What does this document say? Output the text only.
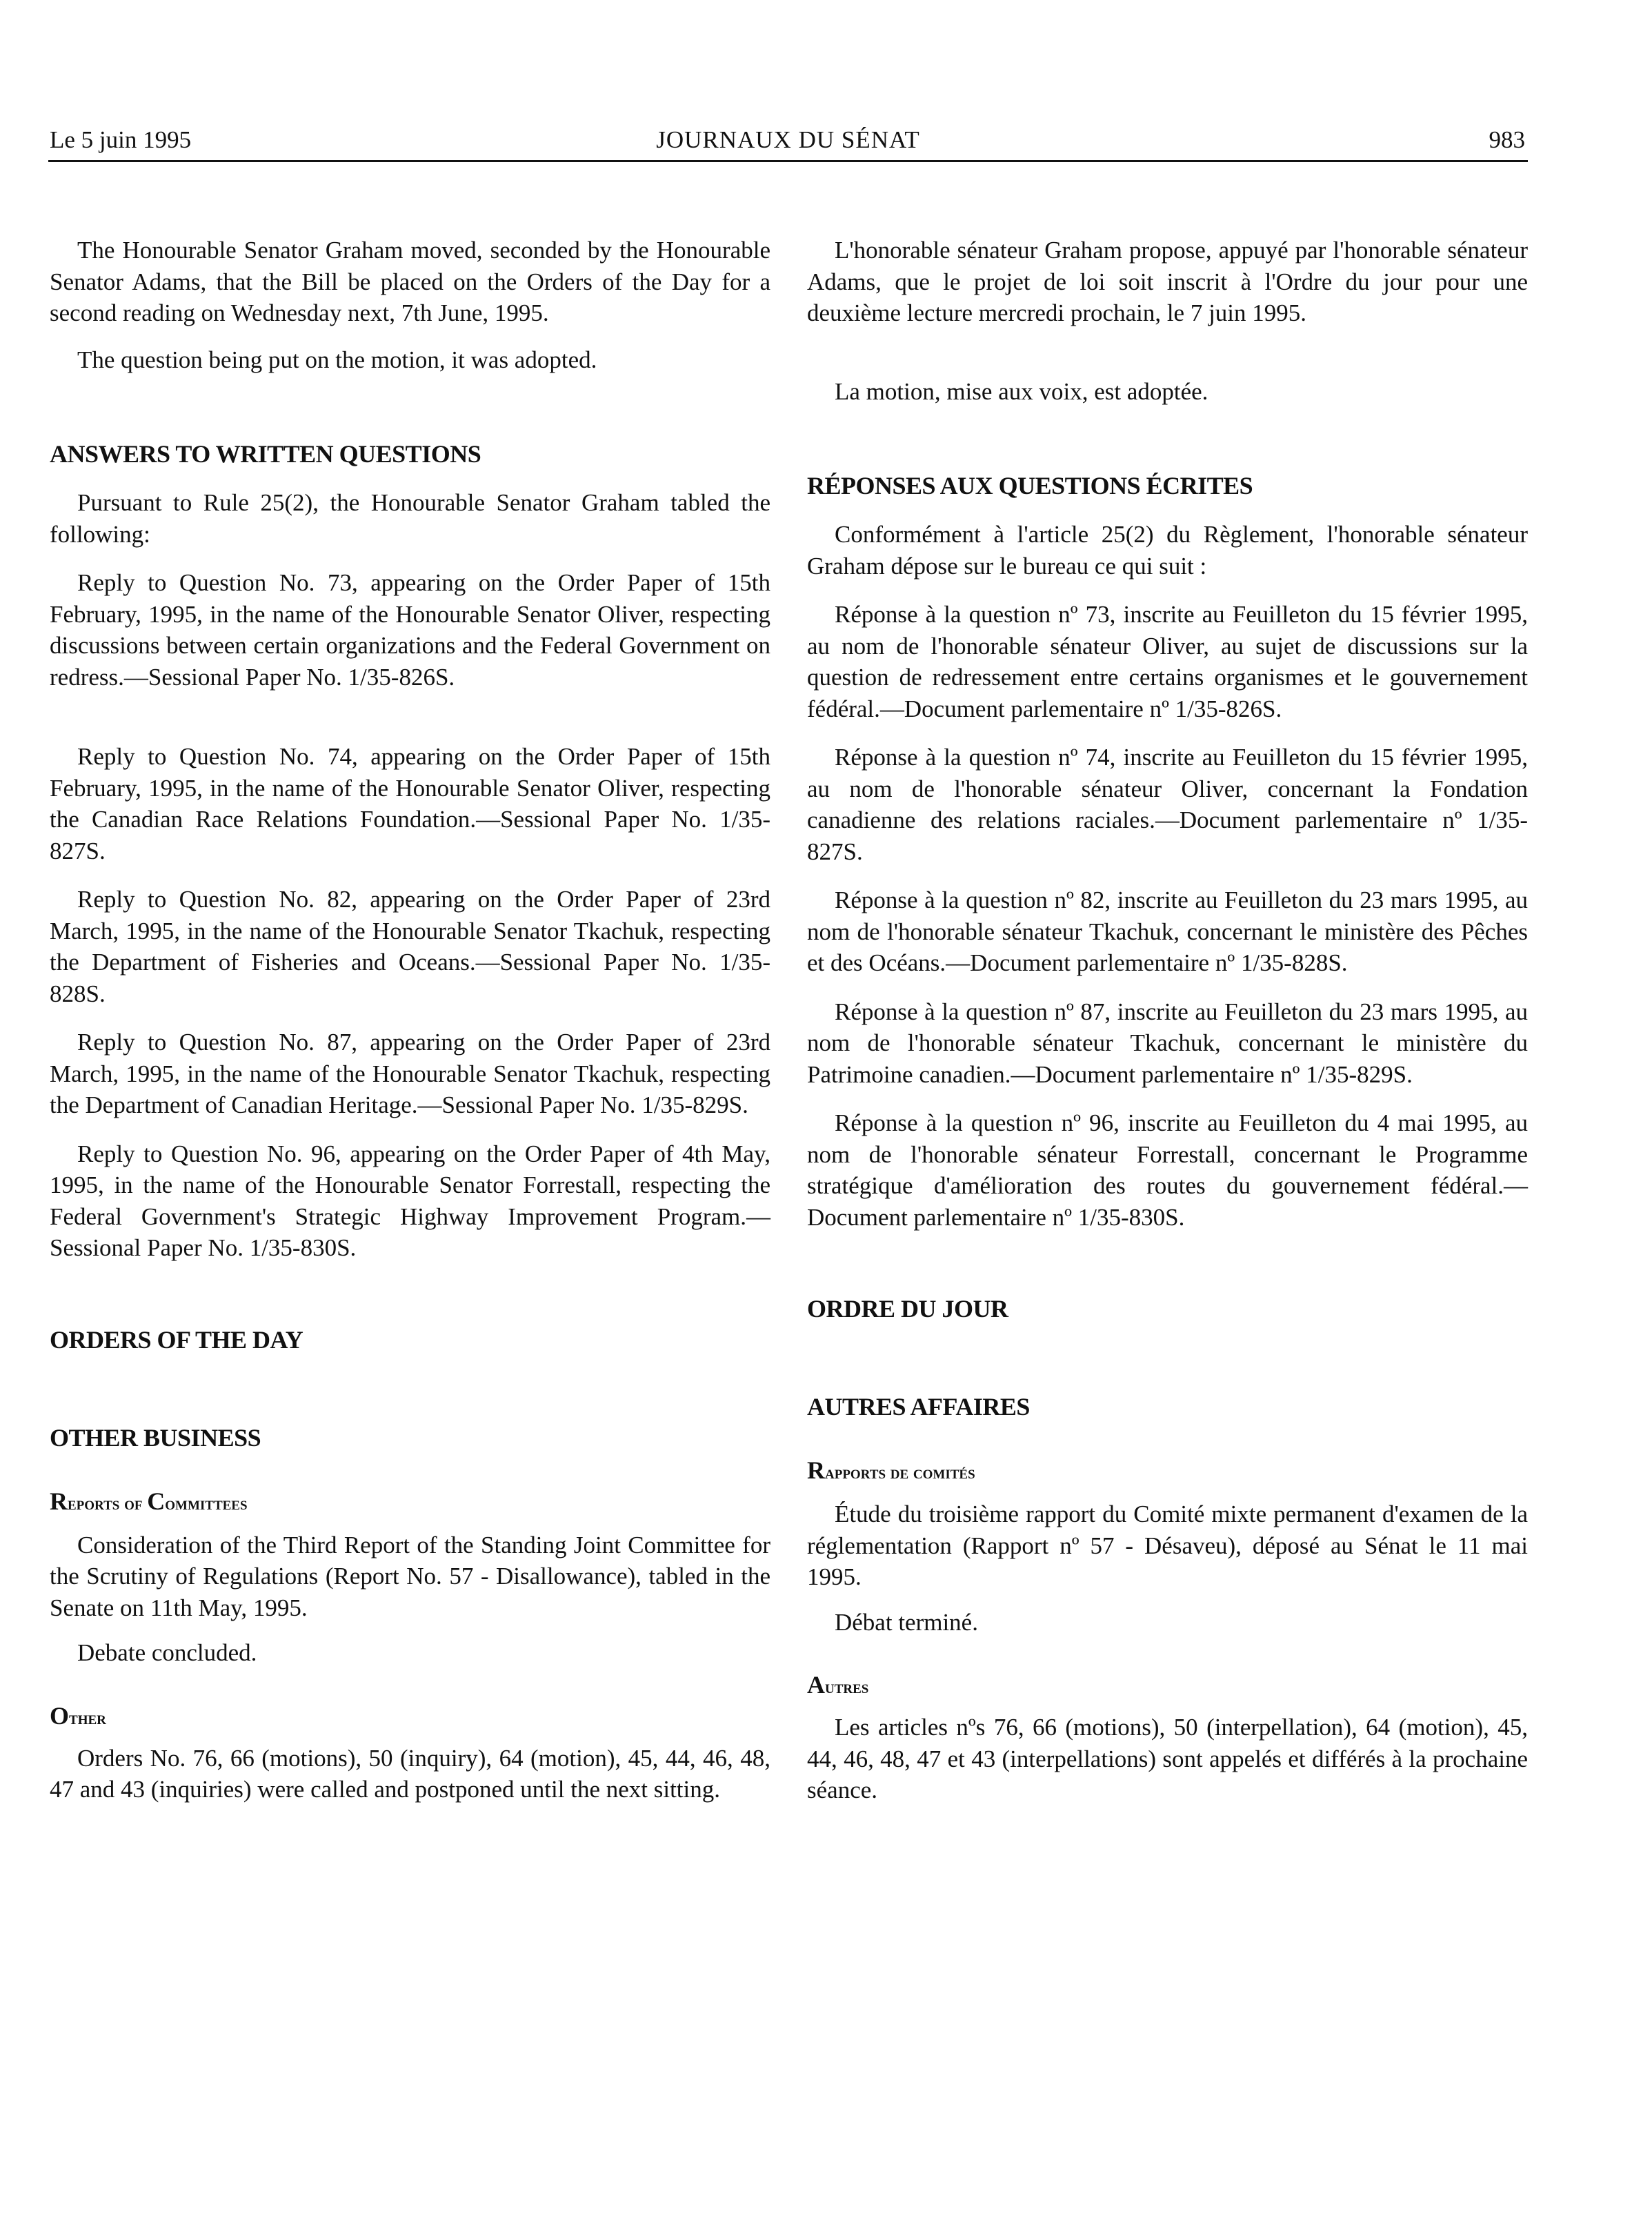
Le 5 juin 1995	JOURNAUX DU SÉNAT	983

The Honourable Senator Graham moved, seconded by the Honourable Senator Adams, that the Bill be placed on the Orders of the Day for a second reading on Wednesday next, 7th June, 1995.

The question being put on the motion, it was adopted.

ANSWERS TO WRITTEN QUESTIONS

Pursuant to Rule 25(2), the Honourable Senator Graham tabled the following:

Reply to Question No. 73, appearing on the Order Paper of 15th February, 1995, in the name of the Honourable Senator Oliver, respecting discussions between certain organizations and the Federal Government on redress.—Sessional Paper No. 1/35-826S.

Reply to Question No. 74, appearing on the Order Paper of 15th February, 1995, in the name of the Honourable Senator Oliver, respecting the Canadian Race Relations Foundation.—Sessional Paper No. 1/35-827S.

Reply to Question No. 82, appearing on the Order Paper of 23rd March, 1995, in the name of the Honourable Senator Tkachuk, respecting the Department of Fisheries and Oceans.—Sessional Paper No. 1/35-828S.

Reply to Question No. 87, appearing on the Order Paper of 23rd March, 1995, in the name of the Honourable Senator Tkachuk, respecting the Department of Canadian Heritage.—Sessional Paper No. 1/35-829S.

Reply to Question No. 96, appearing on the Order Paper of 4th May, 1995, in the name of the Honourable Senator Forrestall, respecting the Federal Government's Strategic Highway Improvement Program.—Sessional Paper No. 1/35-830S.

ORDERS OF THE DAY
OTHER BUSINESS
Reports of Committees

Consideration of the Third Report of the Standing Joint Committee for the Scrutiny of Regulations (Report No. 57 - Disallowance), tabled in the Senate on 11th May, 1995.

Debate concluded.

Other

Orders No. 76, 66 (motions), 50 (inquiry), 64 (motion), 45, 44, 46, 48, 47 and 43 (inquiries) were called and postponed until the next sitting.

L'honorable sénateur Graham propose, appuyé par l'honorable sénateur Adams, que le projet de loi soit inscrit à l'Ordre du jour pour une deuxième lecture mercredi prochain, le 7 juin 1995.

La motion, mise aux voix, est adoptée.

RÉPONSES AUX QUESTIONS ÉCRITES

Conformément à l'article 25(2) du Règlement, l'honorable sénateur Graham dépose sur le bureau ce qui suit :

Réponse à la question nº 73, inscrite au Feuilleton du 15 février 1995, au nom de l'honorable sénateur Oliver, au sujet de discussions sur la question de redressement entre certains organismes et le gouvernement fédéral.—Document parlementaire nº 1/35-826S.

Réponse à la question nº 74, inscrite au Feuilleton du 15 février 1995, au nom de l'honorable sénateur Oliver, concernant la Fondation canadienne des relations raciales.—Document parlementaire nº 1/35-827S.

Réponse à la question nº 82, inscrite au Feuilleton du 23 mars 1995, au nom de l'honorable sénateur Tkachuk, concernant le ministère des Pêches et des Océans.—Document parlementaire nº 1/35-828S.

Réponse à la question nº 87, inscrite au Feuilleton du 23 mars 1995, au nom de l'honorable sénateur Tkachuk, concernant le ministère du Patrimoine canadien.—Document parlementaire nº 1/35-829S.

Réponse à la question nº 96, inscrite au Feuilleton du 4 mai 1995, au nom de l'honorable sénateur Forrestall, concernant le Programme stratégique d'amélioration des routes du gouvernement fédéral.—Document parlementaire nº 1/35-830S.

ORDRE DU JOUR
AUTRES AFFAIRES
Rapports de comités

Étude du troisième rapport du Comité mixte permanent d'examen de la réglementation (Rapport nº 57 - Désaveu), déposé au Sénat le 11 mai 1995.

Débat terminé.

Autres

Les articles nºs 76, 66 (motions), 50 (interpellation), 64 (motion), 45, 44, 46, 48, 47 et 43 (interpellations) sont appelés et différés à la prochaine séance.
